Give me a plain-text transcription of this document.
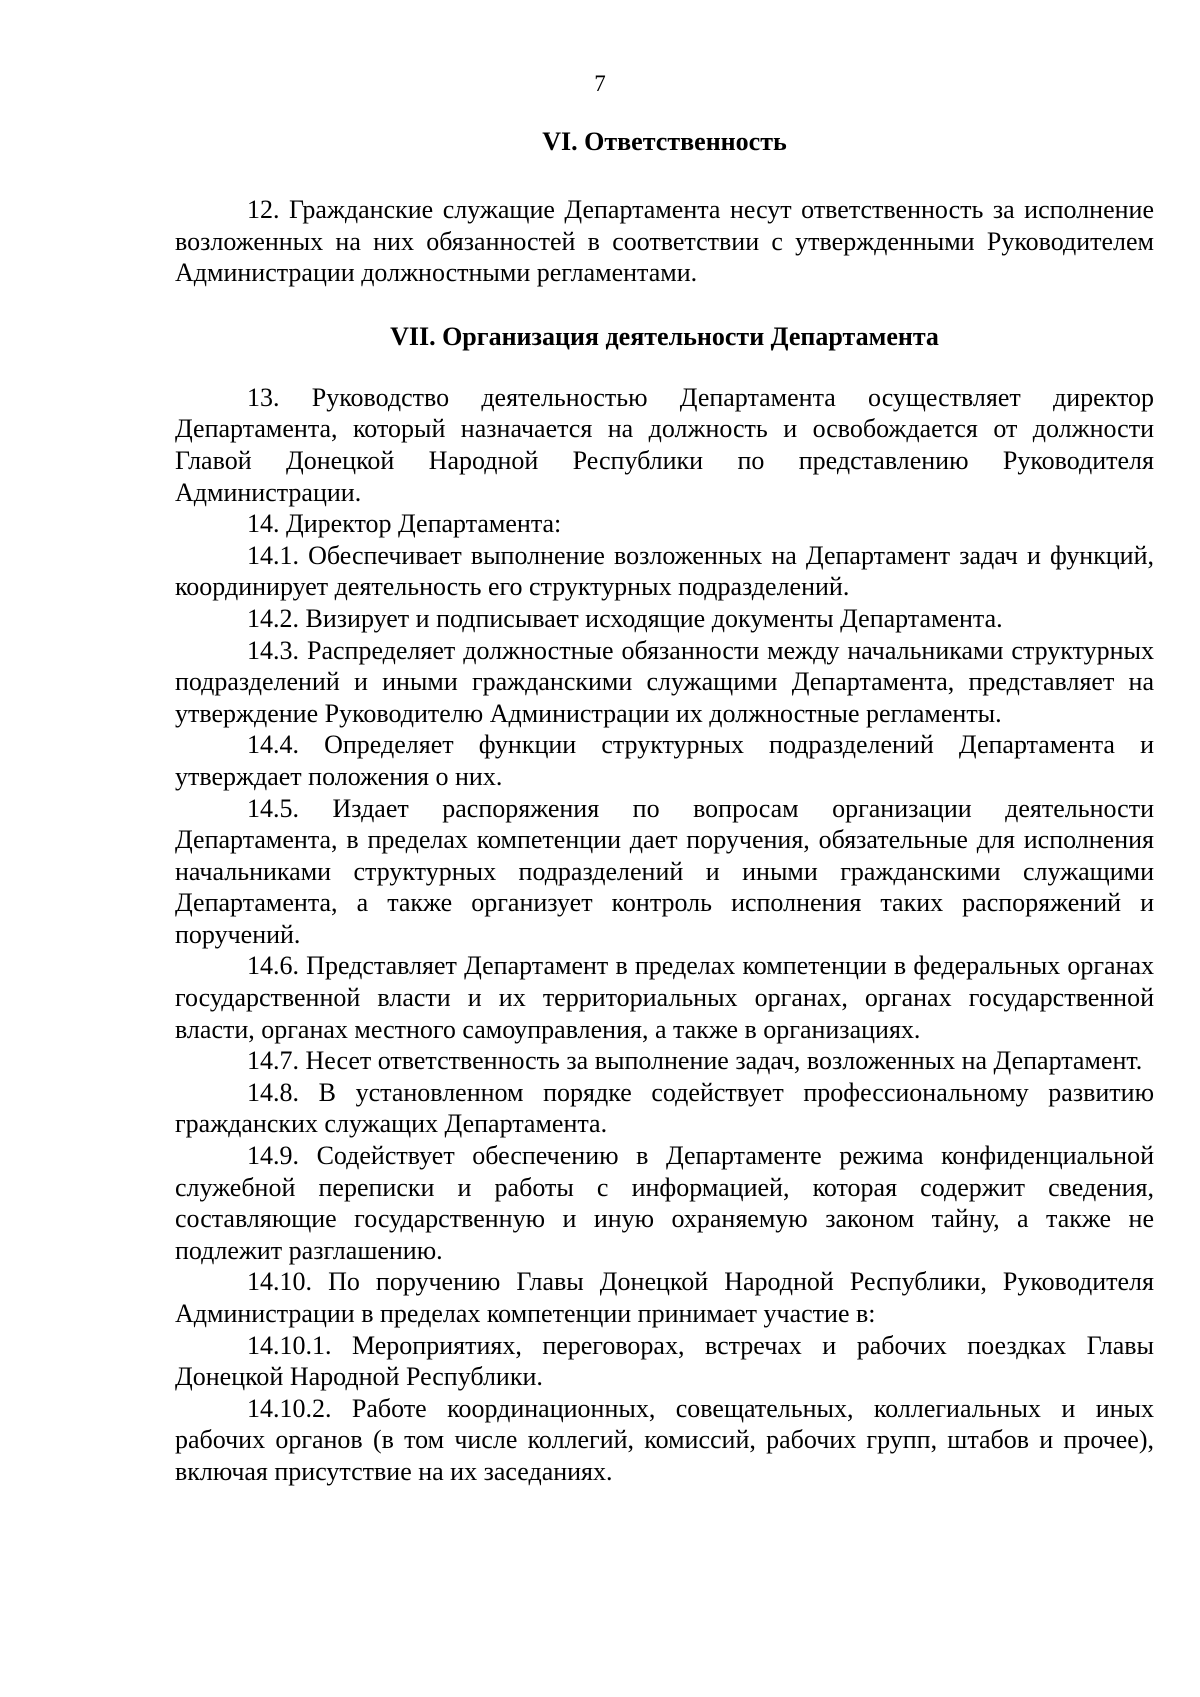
7
VI. Ответственность

12. Гражданские служащие Департамента несут ответственность за исполнение возложенных на них обязанностей в соответствии с утвержденными Руководителем Администрации должностными регламентами.

VII. Организация деятельности Департамента

13. Руководство деятельностью Департамента осуществляет директор Департамента, который назначается на должность и освобождается от должности Главой Донецкой Народной Республики по представлению Руководителя Администрации.

14. Директор Департамента:

14.1. Обеспечивает выполнение возложенных на Департамент задач и функций, координирует деятельность его структурных подразделений.

14.2. Визирует и подписывает исходящие документы Департамента.

14.3. Распределяет должностные обязанности между начальниками структурных подразделений и иными гражданскими служащими Департамента, представляет на утверждение Руководителю Администрации их должностные регламенты.

14.4. Определяет функции структурных подразделений Департамента и утверждает положения о них.

14.5. Издает распоряжения по вопросам организации деятельности Департамента, в пределах компетенции дает поручения, обязательные для исполнения начальниками структурных подразделений и иными гражданскими служащими Департамента, а также организует контроль исполнения таких распоряжений и поручений.

14.6. Представляет Департамент в пределах компетенции в федеральных органах государственной власти и их территориальных органах, органах государственной власти, органах местного самоуправления, а также в организациях.

14.7. Несет ответственность за выполнение задач, возложенных на Департамент.

14.8. В установленном порядке содействует профессиональному развитию гражданских служащих Департамента.

14.9. Содействует обеспечению в Департаменте режима конфиденциальной служебной переписки и работы с информацией, которая содержит сведения, составляющие государственную и иную охраняемую законом тайну, а также не подлежит разглашению.

14.10. По поручению Главы Донецкой Народной Республики, Руководителя Администрации в пределах компетенции принимает участие в:

14.10.1. Мероприятиях, переговорах, встречах и рабочих поездках Главы Донецкой Народной Республики.

14.10.2. Работе координационных, совещательных, коллегиальных и иных рабочих органов (в том числе коллегий, комиссий, рабочих групп, штабов и прочее), включая присутствие на их заседаниях.
